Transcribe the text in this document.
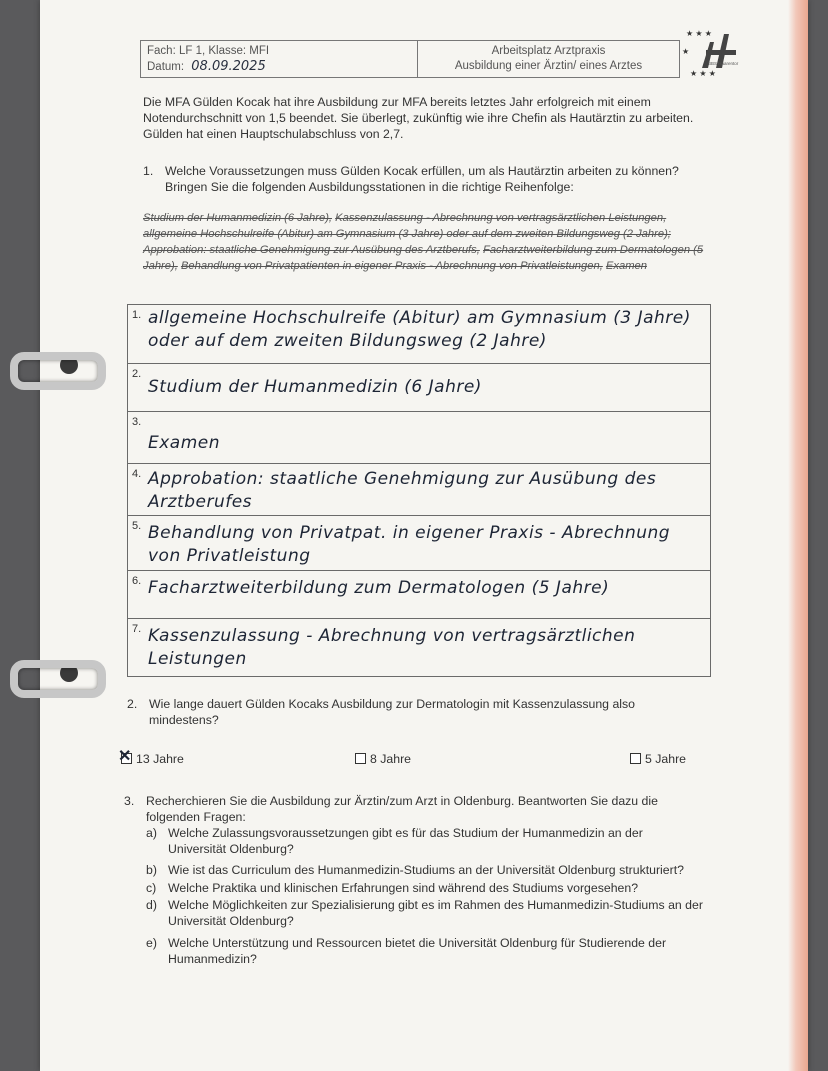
Fach: LF 1, Klasse: MFI
Datum: 08.09.2025
Arbeitsplatz Arztpraxis
Ausbildung einer Ärztin/ eines Arztes
★ ★ ★
★
★ ★ ★
BBS Haarentor
Die MFA Gülden Kocak hat ihre Ausbildung zur MFA bereits letztes Jahr erfolgreich mit einem Notendurchschnitt von 1,5 beendet. Sie überlegt, zukünftig wie ihre Chefin als Hautärztin zu arbeiten. Gülden hat einen Hauptschulabschluss von 2,7.
1. Welche Voraussetzungen muss Gülden Kocak erfüllen, um als Hautärztin arbeiten zu können? Bringen Sie die folgenden Ausbildungsstationen in die richtige Reihenfolge:
Studium der Humanmedizin (6 Jahre), Kassenzulassung - Abrechnung von vertragsärztlichen Leistungen, allgemeine Hochschulreife (Abitur) am Gymnasium (3 Jahre) oder auf dem zweiten Bildungsweg (2 Jahre); Approbation: staatliche Genehmigung zur Ausübung des Arztberufs, Facharztweiterbildung zum Dermatologen (5 Jahre), Behandlung von Privatpatienten in eigener Praxis - Abrechnung von Privatleistungen, Examen
1. allgemeine Hochschulreife (Abitur) am Gymnasium (3 Jahre) oder auf dem zweiten Bildungsweg (2 Jahre)
2.
Studium der Humanmedizin (6 Jahre)
3.
Examen
4. Approbation: staatliche Genehmigung zur Ausübung des Arztberufes
5. Behandlung von Privatpat. in eigener Praxis - Abrechnung von Privatleistung
6. Facharztweiterbildung zum Dermatologen (5 Jahre)
7. Kassenzulassung - Abrechnung von vertragsärztlichen Leistungen
2. Wie lange dauert Gülden Kocaks Ausbildung zur Dermatologin mit Kassenzulassung also mindestens?
✕13 Jahre	8 Jahre	5 Jahre
3. Recherchieren Sie die Ausbildung zur Ärztin/zum Arzt in Oldenburg. Beantworten Sie dazu die folgenden Fragen:
a) Welche Zulassungsvoraussetzungen gibt es für das Studium der Humanmedizin an der Universität Oldenburg?
b) Wie ist das Curriculum des Humanmedizin-Studiums an der Universität Oldenburg strukturiert?
c) Welche Praktika und klinischen Erfahrungen sind während des Studiums vorgesehen?
d) Welche Möglichkeiten zur Spezialisierung gibt es im Rahmen des Humanmedizin-Studiums an der Universität Oldenburg?
e) Welche Unterstützung und Ressourcen bietet die Universität Oldenburg für Studierende der Humanmedizin?
